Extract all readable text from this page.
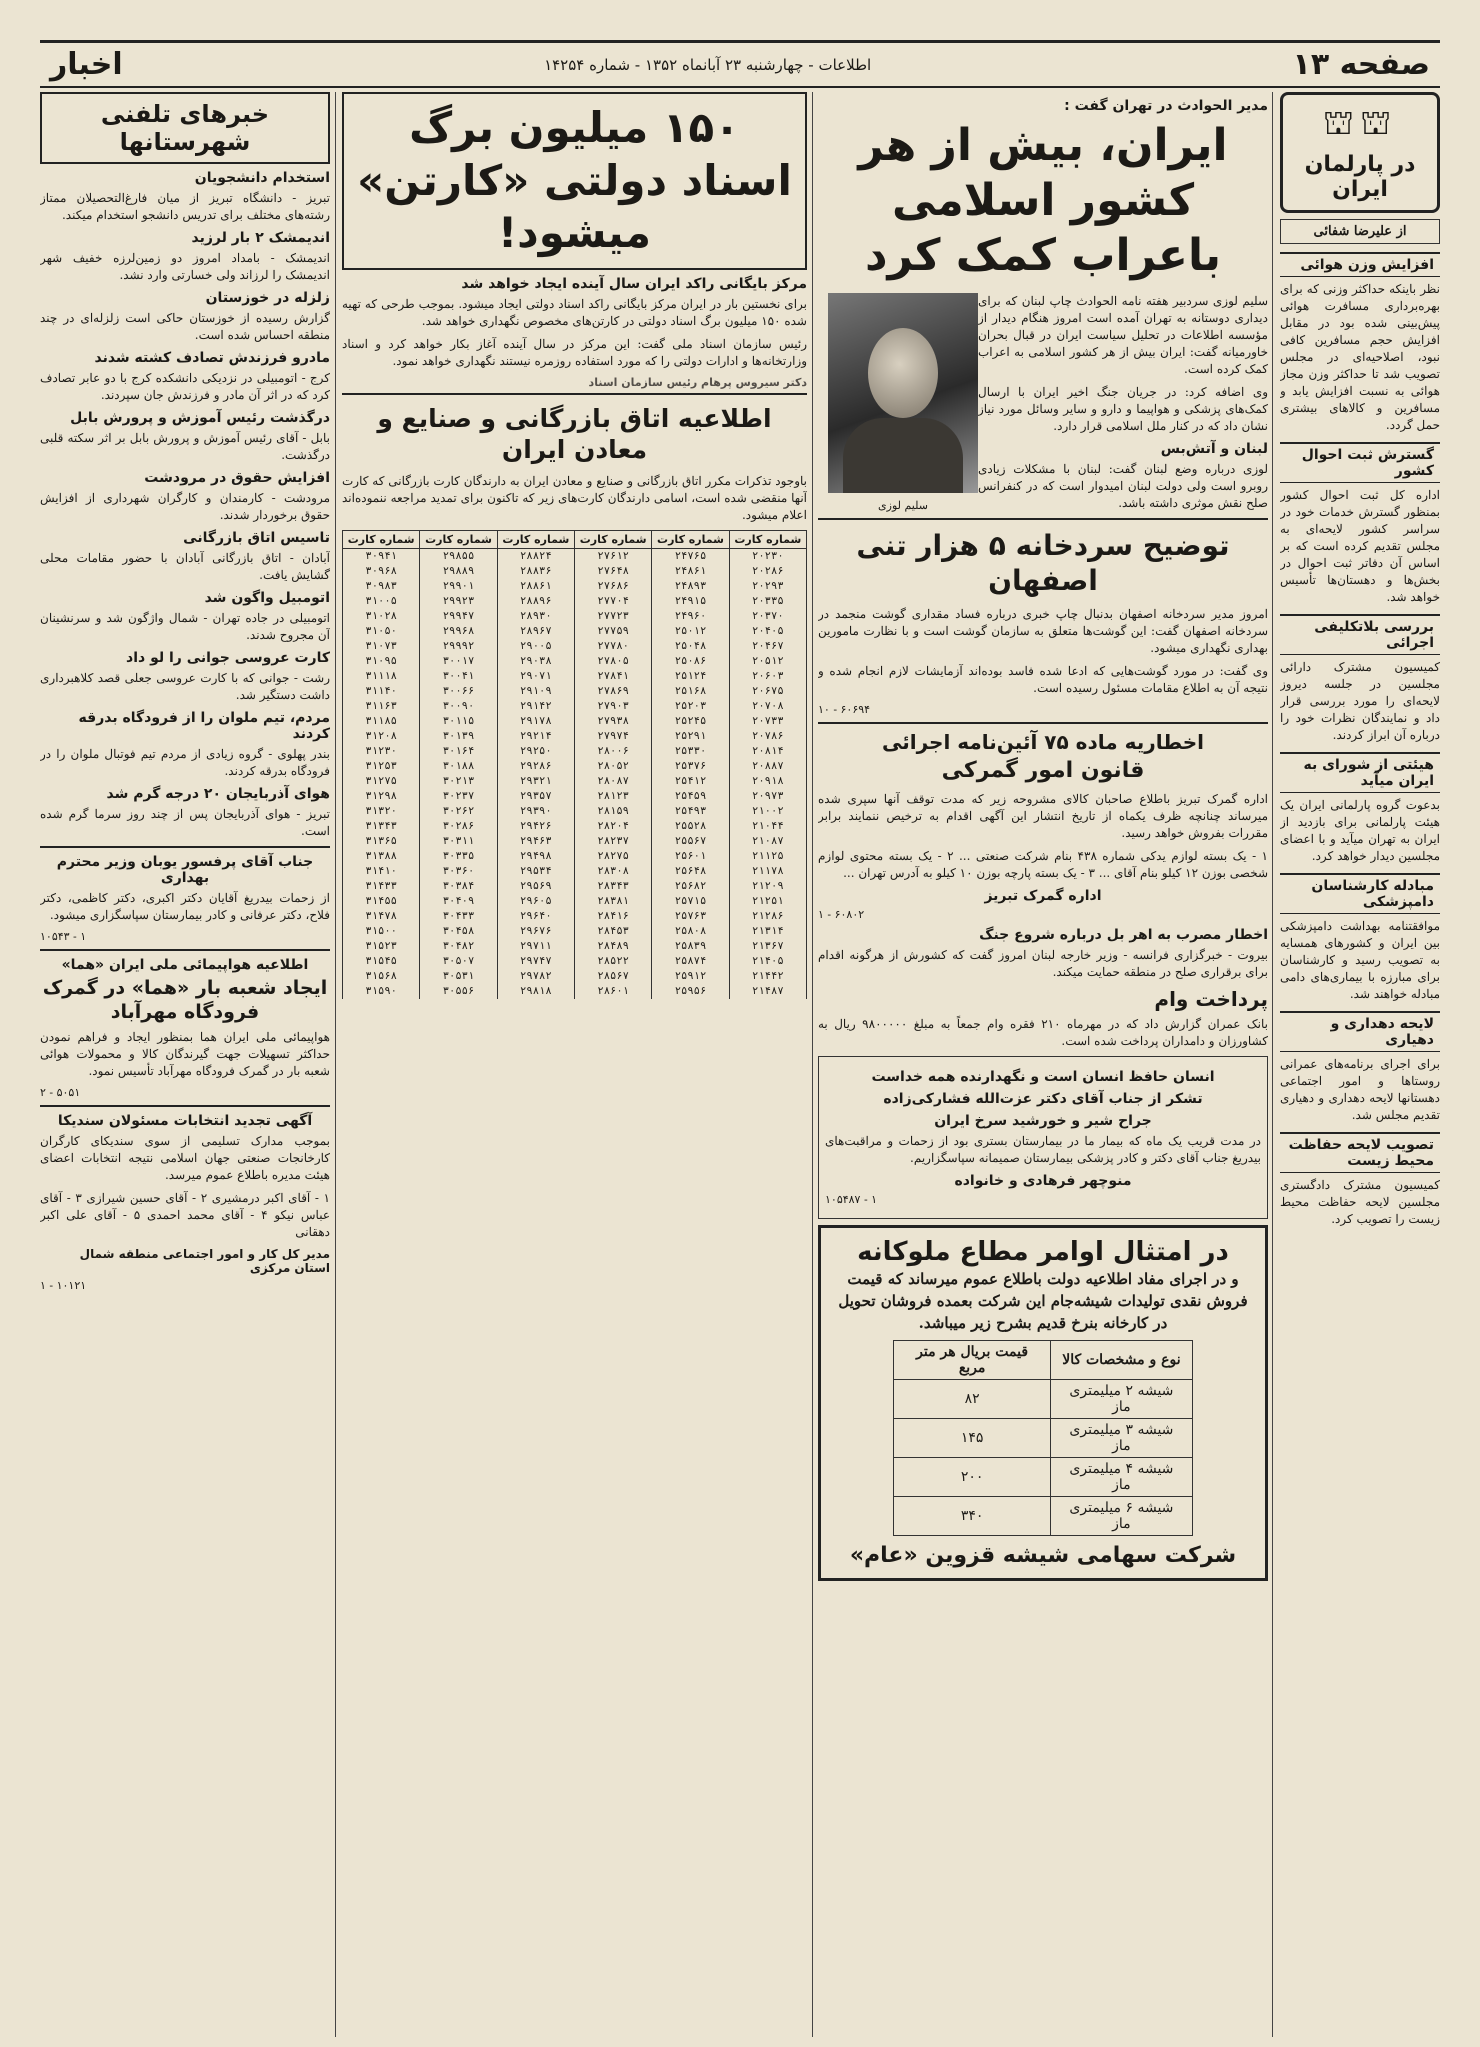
صفحه ۱۳
اطلاعات - چهارشنبه ۲۳ آبانماه ۱۳۵۲ - شماره ۱۴۲۵۴
اخبار
⛫⛫
در پارلمان ایران
از علیرضا شفائی
افزایش وزن هوائی

نظر باینکه حداکثر وزنی که برای بهره‌برداری مسافرت هوائی پیش‌بینی شده بود در مقابل افزایش حجم مسافرین کافی نبود، اصلاحیه‌ای در مجلس تصویب شد تا حداکثر وزن مجاز هوائی به نسبت افزایش یابد و مسافرین و کالاهای بیشتری حمل گردد.

گسترش ثبت احوال کشور

اداره کل ثبت احوال کشور بمنظور گسترش خدمات خود در سراسر کشور لایحه‌ای به مجلس تقدیم کرده است که بر اساس آن دفاتر ثبت احوال در بخش‌ها و دهستان‌ها تأسیس خواهد شد.

بررسی بلاتکلیفی اجرائی

کمیسیون مشترک دارائی مجلسین در جلسه دیروز لایحه‌ای را مورد بررسی قرار داد و نمایندگان نظرات خود را درباره آن ابراز کردند.

هیئتی از شورای به ایران میآید

بدعوت گروه پارلمانی ایران یک هیئت پارلمانی برای بازدید از ایران به تهران میآید و با اعضای مجلسین دیدار خواهد کرد.

مبادله کارشناسان دامپزشکی

موافقتنامه بهداشت دامپزشکی بین ایران و کشورهای همسایه به تصویب رسید و کارشناسان برای مبارزه با بیماری‌های دامی مبادله خواهند شد.

لایحه دهداری و دهیاری

برای اجرای برنامه‌های عمرانی روستاها و امور اجتماعی دهستانها لایحه دهداری و دهیاری تقدیم مجلس شد.

تصویب لایحه حفاظت محیط زیست

کمیسیون مشترک دادگستری مجلسین لایحه حفاظت محیط زیست را تصویب کرد.

مدیر الحوادث در تهران گفت :
ایران، بیش از هر کشور اسلامی باعراب کمک کرد
سلیم لوزی

سلیم لوزی سردبیر هفته نامه الحوادث چاپ لبنان که برای دیداری دوستانه به تهران آمده است امروز هنگام دیدار از مؤسسه اطلاعات در تحلیل سیاست ایران در قبال بحران خاورمیانه گفت: ایران بیش از هر کشور اسلامی به اعراب کمک کرده است.

وی اضافه کرد: در جریان جنگ اخیر ایران با ارسال کمک‌های پزشکی و هواپیما و دارو و سایر وسائل مورد نیاز نشان داد که در کنار ملل اسلامی قرار دارد.

لبنان و آتش‌بس

لوزی درباره وضع لبنان گفت: لبنان با مشکلات زیادی روبرو است ولی دولت لبنان امیدوار است که در کنفرانس صلح نقش موثری داشته باشد.

توضیح سردخانه ۵ هزار تنی اصفهان

امروز مدیر سردخانه اصفهان بدنبال چاپ خبری درباره فساد مقداری گوشت منجمد در سردخانه اصفهان گفت: این گوشت‌ها متعلق به سازمان گوشت است و با نظارت مامورین بهداری نگهداری میشود.

وی گفت: در مورد گوشت‌هایی که ادعا شده فاسد بوده‌اند آزمایشات لازم انجام شده و نتیجه آن به اطلاع مقامات مسئول رسیده است.

۱۰ - ۶۰۶۹۴
اخطاریه ماده ۷۵ آئین‌نامه اجرائی
قانون امور گمرکی

اداره گمرک تبریز باطلاع صاحبان کالای مشروحه زیر که مدت توقف آنها سپری شده میرساند چنانچه ظرف یکماه از تاریخ انتشار این آگهی اقدام به ترخیص ننمایند برابر مقررات بفروش خواهد رسید.

۱ - یک بسته لوازم یدکی شماره ۴۳۸ بنام شرکت صنعتی ... ۲ - یک بسته محتوی لوازم شخصی بوزن ۱۲ کیلو بنام آقای ... ۳ - یک بسته پارچه بوزن ۱۰ کیلو به آدرس تهران ...

اداره گمرک تبریز
۱ - ۶۰۸۰۲
اخطار مصرب به اهر بل درباره شروع جنگ

بیروت - خبرگزاری فرانسه - وزیر خارجه لبنان امروز گفت که کشورش از هرگونه اقدام برای برقراری صلح در منطقه حمایت میکند.

پرداخت وام

بانک عمران گزارش داد که در مهرماه ۲۱۰ فقره وام جمعاً به مبلغ ۹۸۰۰۰۰۰ ریال به کشاورزان و دامداران پرداخت شده است.

انسان حافظ انسان است و نگهدارنده همه خداست
تشکر از جناب آقای دکتر عزت‌الله فشارکی‌زاده
جراح شیر و خورشید سرخ ایران

در مدت قریب یک ماه که بیمار ما در بیمارستان بستری بود از زحمات و مراقبت‌های بیدریغ جناب آقای دکتر و کادر پزشکی بیمارستان صمیمانه سپاسگزاریم.

منوچهر فرهادی و خانواده
۱۰۵۴۸۷ - ۱
در امتثال اوامر مطاع ملوکانه

و در اجرای مفاد اطلاعیه دولت باطلاع عموم میرساند که قیمت فروش نقدی تولیدات شیشه‌جام این شرکت بعمده فروشان تحویل در کارخانه بنرخ قدیم بشرح زیر میباشد.

نوع و مشخصات کالا	قیمت بریال هر متر مربع
شیشه ۲ میلیمتری ماز	۸۲
شیشه ۳ میلیمتری ماز	۱۴۵
شیشه ۴ میلیمتری ماز	۲۰۰
شیشه ۶ میلیمتری ماز	۳۴۰
شرکت سهامی شیشه قزوین «عام»
۱۵۰ میلیون برگ اسناد دولتی «کارتن» میشود!
مرکز بایگانی راکد ایران سال آینده ایجاد خواهد شد

برای نخستین بار در ایران مرکز بایگانی راکد اسناد دولتی ایجاد میشود. بموجب طرحی که تهیه شده ۱۵۰ میلیون برگ اسناد دولتی در کارتن‌های مخصوص نگهداری خواهد شد.

رئیس سازمان اسناد ملی گفت: این مرکز در سال آینده آغاز بکار خواهد کرد و اسناد وزارتخانه‌ها و ادارات دولتی را که مورد استفاده روزمره نیستند نگهداری خواهد نمود.

دکتر سیروس پرهام رئیس سازمان اسناد
اطلاعیه اتاق بازرگانی و صنایع و معادن ایران

باوجود تذکرات مکرر اتاق بازرگانی و صنایع و معادن ایران به دارندگان کارت بازرگانی که کارت آنها منقضی شده است، اسامی دارندگان کارت‌های زیر که تاکنون برای تمدید مراجعه ننموده‌اند اعلام میشود.

شماره کارت	شماره کارت	شماره کارت	شماره کارت	شماره کارت	شماره کارت
۲۰۲۳۰	۲۴۷۶۵	۲۷۶۱۲	۲۸۸۲۴	۲۹۸۵۵	۳۰۹۴۱
۲۰۲۸۶	۲۴۸۶۱	۲۷۶۴۸	۲۸۸۳۶	۲۹۸۸۹	۳۰۹۶۸
۲۰۲۹۳	۲۴۸۹۳	۲۷۶۸۶	۲۸۸۶۱	۲۹۹۰۱	۳۰۹۸۳
۲۰۳۳۵	۲۴۹۱۵	۲۷۷۰۴	۲۸۸۹۶	۲۹۹۲۳	۳۱۰۰۵
۲۰۳۷۰	۲۴۹۶۰	۲۷۷۲۳	۲۸۹۳۰	۲۹۹۴۷	۳۱۰۲۸
۲۰۴۰۵	۲۵۰۱۲	۲۷۷۵۹	۲۸۹۶۷	۲۹۹۶۸	۳۱۰۵۰
۲۰۴۶۷	۲۵۰۴۸	۲۷۷۸۰	۲۹۰۰۵	۲۹۹۹۲	۳۱۰۷۳
۲۰۵۱۲	۲۵۰۸۶	۲۷۸۰۵	۲۹۰۳۸	۳۰۰۱۷	۳۱۰۹۵
۲۰۶۰۳	۲۵۱۲۴	۲۷۸۴۱	۲۹۰۷۱	۳۰۰۴۱	۳۱۱۱۸
۲۰۶۷۵	۲۵۱۶۸	۲۷۸۶۹	۲۹۱۰۹	۳۰۰۶۶	۳۱۱۴۰
۲۰۷۰۸	۲۵۲۰۳	۲۷۹۰۳	۲۹۱۴۲	۳۰۰۹۰	۳۱۱۶۳
۲۰۷۳۳	۲۵۲۴۵	۲۷۹۳۸	۲۹۱۷۸	۳۰۱۱۵	۳۱۱۸۵
۲۰۷۸۶	۲۵۲۹۱	۲۷۹۷۴	۲۹۲۱۴	۳۰۱۳۹	۳۱۲۰۸
۲۰۸۱۴	۲۵۳۳۰	۲۸۰۰۶	۲۹۲۵۰	۳۰۱۶۴	۳۱۲۳۰
۲۰۸۸۷	۲۵۳۷۶	۲۸۰۵۲	۲۹۲۸۶	۳۰۱۸۸	۳۱۲۵۳
۲۰۹۱۸	۲۵۴۱۲	۲۸۰۸۷	۲۹۳۲۱	۳۰۲۱۳	۳۱۲۷۵
۲۰۹۷۳	۲۵۴۵۹	۲۸۱۲۳	۲۹۳۵۷	۳۰۲۳۷	۳۱۲۹۸
۲۱۰۰۲	۲۵۴۹۳	۲۸۱۵۹	۲۹۳۹۰	۳۰۲۶۲	۳۱۳۲۰
۲۱۰۴۴	۲۵۵۲۸	۲۸۲۰۴	۲۹۴۲۶	۳۰۲۸۶	۳۱۳۴۳
۲۱۰۸۷	۲۵۵۶۷	۲۸۲۳۷	۲۹۴۶۳	۳۰۳۱۱	۳۱۳۶۵
۲۱۱۲۵	۲۵۶۰۱	۲۸۲۷۵	۲۹۴۹۸	۳۰۳۳۵	۳۱۳۸۸
۲۱۱۷۸	۲۵۶۴۸	۲۸۳۰۸	۲۹۵۳۴	۳۰۳۶۰	۳۱۴۱۰
۲۱۲۰۹	۲۵۶۸۲	۲۸۳۴۳	۲۹۵۶۹	۳۰۳۸۴	۳۱۴۳۳
۲۱۲۵۱	۲۵۷۱۵	۲۸۳۸۱	۲۹۶۰۵	۳۰۴۰۹	۳۱۴۵۵
۲۱۲۸۶	۲۵۷۶۳	۲۸۴۱۶	۲۹۶۴۰	۳۰۴۳۳	۳۱۴۷۸
۲۱۳۱۴	۲۵۸۰۸	۲۸۴۵۳	۲۹۶۷۶	۳۰۴۵۸	۳۱۵۰۰
۲۱۳۶۷	۲۵۸۳۹	۲۸۴۸۹	۲۹۷۱۱	۳۰۴۸۲	۳۱۵۲۳
۲۱۴۰۵	۲۵۸۷۴	۲۸۵۲۲	۲۹۷۴۷	۳۰۵۰۷	۳۱۵۴۵
۲۱۴۴۲	۲۵۹۱۲	۲۸۵۶۷	۲۹۷۸۲	۳۰۵۳۱	۳۱۵۶۸
۲۱۴۸۷	۲۵۹۵۶	۲۸۶۰۱	۲۹۸۱۸	۳۰۵۵۶	۳۱۵۹۰
خبرهای تلفنی شهرستانها
استخدام دانشجویان

تبریز - دانشگاه تبریز از میان فارغ‌التحصیلان ممتاز رشته‌های مختلف برای تدریس دانشجو استخدام میکند.

اندیمشک ۲ بار لرزید

اندیمشک - بامداد امروز دو زمین‌لرزه خفیف شهر اندیمشک را لرزاند ولی خسارتی وارد نشد.

زلزله در خوزستان

گزارش رسیده از خوزستان حاکی است زلزله‌ای در چند منطقه احساس شده است.

مادرو فرزندش تصادف کشته شدند

کرج - اتومبیلی در نزدیکی دانشکده کرج با دو عابر تصادف کرد که در اثر آن مادر و فرزندش جان سپردند.

درگذشت رئیس آموزش و پرورش بابل

بابل - آقای رئیس آموزش و پرورش بابل بر اثر سکته قلبی درگذشت.

افزایش حقوق در مرودشت

مرودشت - کارمندان و کارگران شهرداری از افزایش حقوق برخوردار شدند.

تاسیس اتاق بازرگانی

آبادان - اتاق بازرگانی آبادان با حضور مقامات محلی گشایش یافت.

اتومبیل واگون شد

اتومبیلی در جاده تهران - شمال واژگون شد و سرنشینان آن مجروح شدند.

کارت عروسی جوانی را لو داد

رشت - جوانی که با کارت عروسی جعلی قصد کلاهبرداری داشت دستگیر شد.

مردم، تیم ملوان را از فرودگاه بدرقه کردند

بندر پهلوی - گروه زیادی از مردم تیم فوتبال ملوان را در فرودگاه بدرقه کردند.

هوای آذربایجان ۲۰ درجه گرم شد

تبریز - هوای آذربایجان پس از چند روز سرما گرم شده است.

جناب آقای پرفسور یوبان وزیر محترم بهداری

از زحمات بیدریغ آقایان دکتر اکبری، دکتر کاظمی، دکتر فلاح، دکتر عرفانی و کادر بیمارستان سپاسگزاری میشود.

۱۰۵۴۳ - ۱
اطلاعیه هواپیمائی ملی ایران «هما»
ایجاد شعبه بار «هما» در گمرک فرودگاه مهرآباد

هواپیمائی ملی ایران هما بمنظور ایجاد و فراهم نمودن حداکثر تسهیلات جهت گیرندگان کالا و محمولات هوائی شعبه بار در گمرک فرودگاه مهرآباد تأسیس نمود.

۲ - ۵۰۵۱
آگهی تجدید انتخابات مسئولان سندیکا

بموجب مدارک تسلیمی از سوی سندیکای کارگران کارخانجات صنعتی جهان اسلامی نتیجه انتخابات اعضای هیئت مدیره باطلاع عموم میرسد.

۱ - آقای اکبر درمشیری ۲ - آقای حسین شیرازی ۳ - آقای عباس نیکو ۴ - آقای محمد احمدی ۵ - آقای علی اکبر دهقانی

مدیر کل کار و امور اجتماعی منطقه شمال استان مرکزی
۱ - ۱۰۱۲۱
